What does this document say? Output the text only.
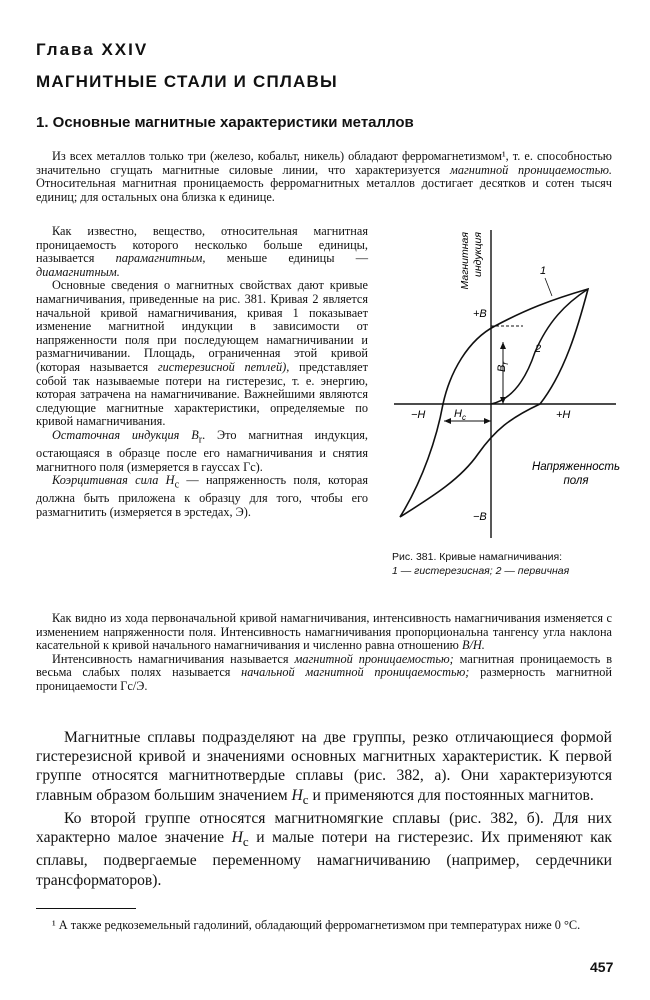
Глава XXIV
МАГНИТНЫЕ СТАЛИ И СПЛАВЫ
1. Основные магнитные характеристики металлов

Из всех металлов только три (железо, кобальт, никель) обладают ферромагнетизмом¹, т. е. способностью значительно сгущать магнитные силовые линии, что характеризуется магнитной проницаемостью. Относительная магнитная проницаемость ферромагнитных металлов достигает десятков и сотен тысяч единиц; для остальных она близка к единице.

Как известно, вещество, относительная магнитная проницаемость которого несколько больше единицы, называется парамагнитным, меньше единицы — диамагнитным.

Основные сведения о магнитных свойствах дают кривые намагничивания, приведенные на рис. 381. Кривая 2 является начальной кривой намагничивания, кривая 1 показывает изменение магнитной индукции в зависимости от напряженности поля при последующем намагничивании и размагничивании. Площадь, ограниченная этой кривой (которая называется гистерезисной петлей), представляет собой так называемые потери на гистерезис, т. е. энергию, которая затрачена на намагничивание. Важнейшими являются следующие магнитные характеристики, определяемые по кривой намагничивания.

Остаточная индукция $B_r$. Это магнитная индукция, остающаяся в образце после его намагничивания и снятия магнитного поля (измеряется в гауссах Гс).

Коэрцитивная сила $H_c$ — напряженность поля, которая должна быть приложена к образцу для того, чтобы его размагнитить (измеряется в эрстедах, Э).

Магнитная индукция
Напряженность
поля
+B
−B
−H	+H
$H_c$
$B_r$
1
2
Рис. 381. Кривые намагничивания:
1 — гистерезисная; 2 — первичная

Как видно из хода первоначальной кривой намагничивания, интенсивность намагничивания изменяется с изменением напряженности поля. Интенсивность намагничивания пропорциональна тангенсу угла наклона касательной к кривой начального намагничивания и численно равна отношению B/H.

Интенсивность намагничивания называется магнитной проницаемостью; магнитная проницаемость в весьма слабых полях называется начальной магнитной проницаемостью; размерность магнитной проницаемости Гс/Э.

Магнитные сплавы подразделяют на две группы, резко отличающиеся формой гистерезисной кривой и значениями основных магнитных характеристик. К первой группе относятся магнитнотвердые сплавы (рис. 382, а). Они характеризуются главным образом большим значением $H_c$ и применяются для постоянных магнитов.

Ко второй группе относятся магнитномягкие сплавы (рис. 382, б). Для них характерно малое значение $H_c$ и малые потери на гистерезис. Их применяют как сплавы, подвергаемые переменному намагничиванию (например, сердечники трансформаторов).

¹ А также редкоземельный гадолиний, обладающий ферромагнетизмом при температурах ниже 0 °С.

457
